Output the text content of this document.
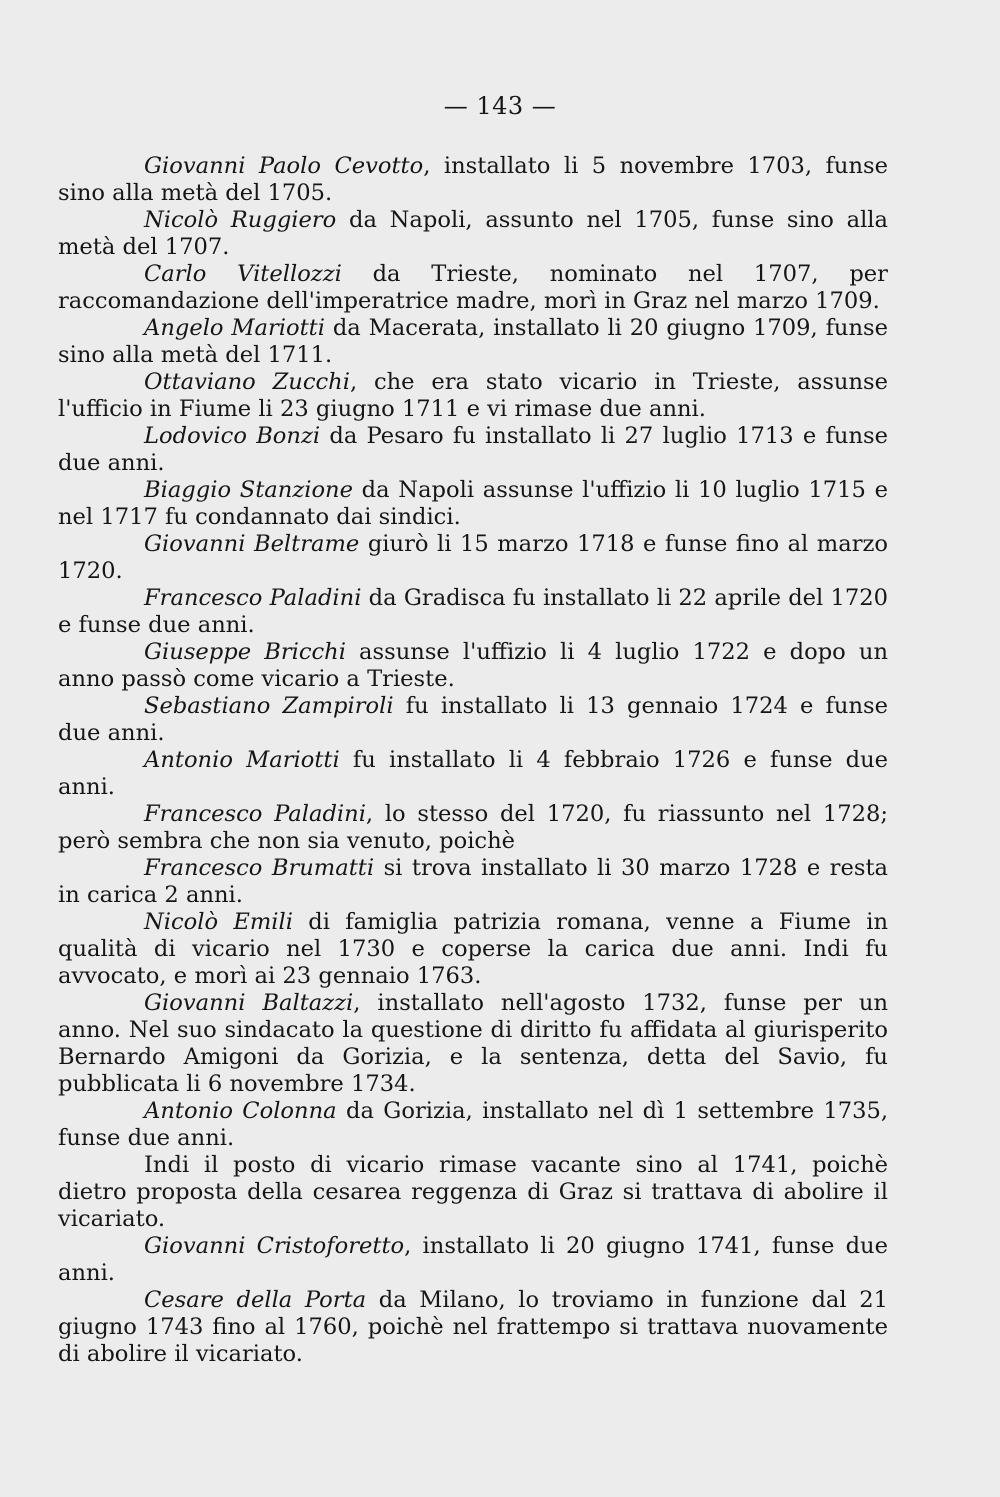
— 143 —

Giovanni Paolo Cevotto, installato li 5 novembre 1703, funse sino alla metà del 1705.

Nicolò Ruggiero da Napoli, assunto nel 1705, funse sino alla metà del 1707.

Carlo Vitellozzi da Trieste, nominato nel 1707, per raccomandazione dell'imperatrice madre, morì in Graz nel marzo 1709.

Angelo Mariotti da Macerata, installato li 20 giugno 1709, funse sino alla metà del 1711.

Ottaviano Zucchi, che era stato vicario in Trieste, assunse l'ufficio in Fiume li 23 giugno 1711 e vi rimase due anni.

Lodovico Bonzi da Pesaro fu installato li 27 luglio 1713 e funse due anni.

Biaggio Stanzione da Napoli assunse l'uffizio li 10 luglio 1715 e nel 1717 fu condannato dai sindici.

Giovanni Beltrame giurò li 15 marzo 1718 e funse fino al marzo 1720.

Francesco Paladini da Gradisca fu installato li 22 aprile del 1720 e funse due anni.

Giuseppe Bricchi assunse l'uffizio li 4 luglio 1722 e dopo un anno passò come vicario a Trieste.

Sebastiano Zampiroli fu installato li 13 gennaio 1724 e funse due anni.

Antonio Mariotti fu installato li 4 febbraio 1726 e funse due anni.

Francesco Paladini, lo stesso del 1720, fu riassunto nel 1728; però sembra che non sia venuto, poichè

Francesco Brumatti si trova installato li 30 marzo 1728 e resta in carica 2 anni.

Nicolò Emili di famiglia patrizia romana, venne a Fiume in qualità di vicario nel 1730 e coperse la carica due anni. Indi fu avvocato, e morì ai 23 gennaio 1763.

Giovanni Baltazzi, installato nell'agosto 1732, funse per un anno. Nel suo sindacato la questione di diritto fu affidata al giurisperito Bernardo Amigoni da Gorizia, e la sentenza, detta del Savio, fu pubblicata li 6 novembre 1734.

Antonio Colonna da Gorizia, installato nel dì 1 settembre 1735, funse due anni.

Indi il posto di vicario rimase vacante sino al 1741, poichè dietro proposta della cesarea reggenza di Graz si trattava di abolire il vicariato.

Giovanni Cristoforetto, installato li 20 giugno 1741, funse due anni.

Cesare della Porta da Milano, lo troviamo in funzione dal 21 giugno 1743 fino al 1760, poichè nel frattempo si trattava nuovamente di abolire il vicariato.
